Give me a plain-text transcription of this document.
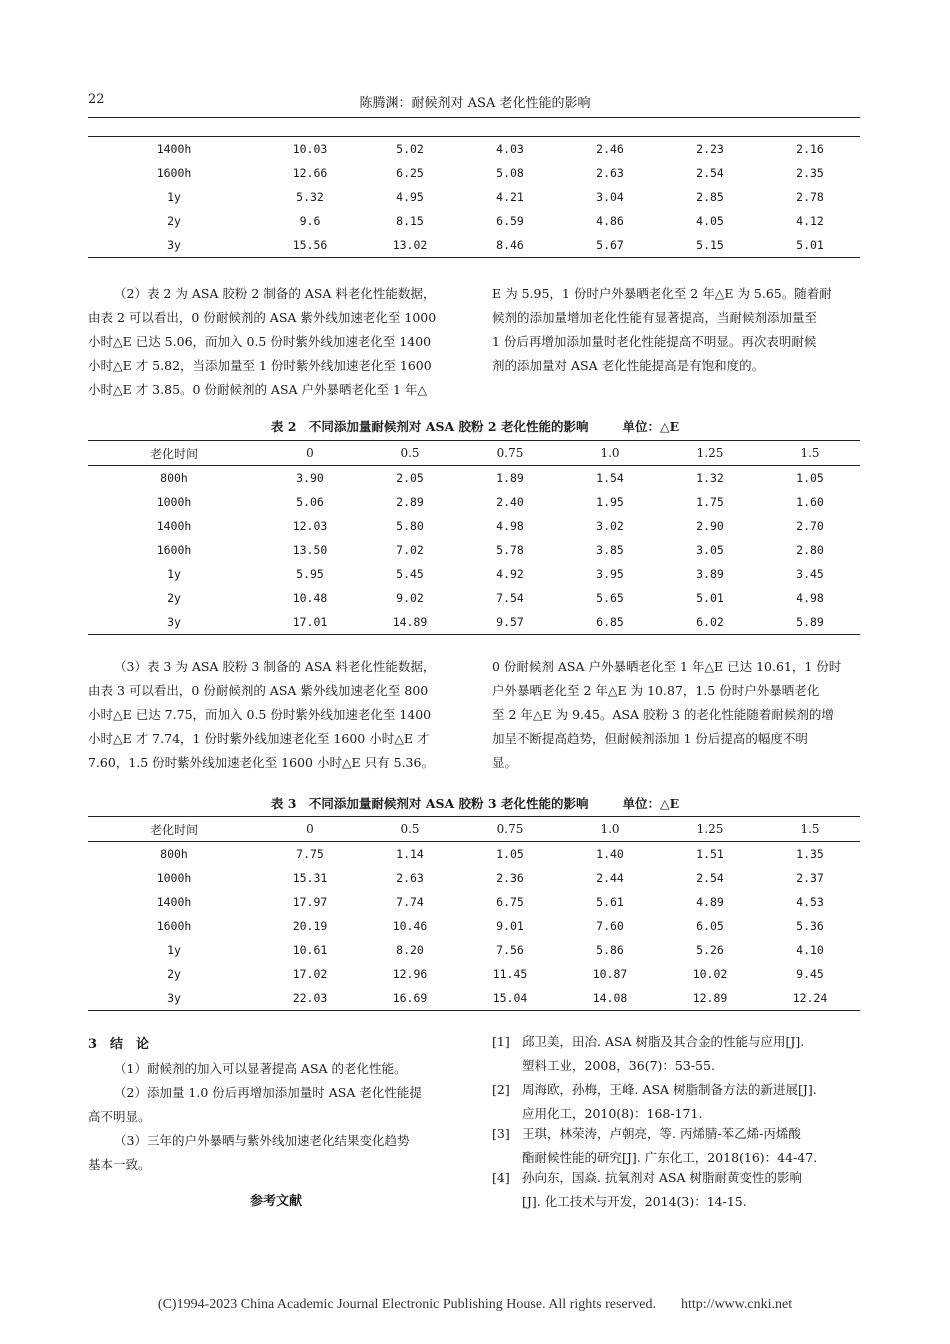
22	陈腾渊：耐候剂对 ASA 老化性能的影响
1400h	10.03	5.02	4.03	2.46	2.23	2.16
1600h	12.66	6.25	5.08	2.63	2.54	2.35
1y	5.32	4.95	4.21	3.04	2.85	2.78
2y	9.6	8.15	6.59	4.86	4.05	4.12
3y	15.56	13.02	8.46	5.67	5.15	5.01
（2）表 2 为 ASA 胶粉 2 制备的 ASA 料老化性能数据，
由表 2 可以看出，0 份耐候剂的 ASA 紫外线加速老化至 1000
小时△E 已达 5.06，而加入 0.5 份时紫外线加速老化至 1400
小时△E 才 5.82，当添加量至 1 份时紫外线加速老化至 1600
小时△E 才 3.85。0 份耐候剂的 ASA 户外暴晒老化至 1 年△
E 为 5.95，1 份时户外暴晒老化至 2 年△E 为 5.65。随着耐
候剂的添加量增加老化性能有显著提高，当耐候剂添加量至
1 份后再增加添加量时老化性能提高不明显。再次表明耐候
剂的添加量对 ASA 老化性能提高是有饱和度的。
表 2　不同添加量耐候剂对 ASA 胶粉 2 老化性能的影响	单位：△E
老化时间	0	0.5	0.75	1.0	1.25	1.5
800h	3.90	2.05	1.89	1.54	1.32	1.05
1000h	5.06	2.89	2.40	1.95	1.75	1.60
1400h	12.03	5.80	4.98	3.02	2.90	2.70
1600h	13.50	7.02	5.78	3.85	3.05	2.80
1y	5.95	5.45	4.92	3.95	3.89	3.45
2y	10.48	9.02	7.54	5.65	5.01	4.98
3y	17.01	14.89	9.57	6.85	6.02	5.89
（3）表 3 为 ASA 胶粉 3 制备的 ASA 料老化性能数据，
由表 3 可以看出，0 份耐候剂的 ASA 紫外线加速老化至 800
小时△E 已达 7.75，而加入 0.5 份时紫外线加速老化至 1400
小时△E 才 7.74，1 份时紫外线加速老化至 1600 小时△E 才
7.60，1.5 份时紫外线加速老化至 1600 小时△E 只有 5.36。
0 份耐候剂 ASA 户外暴晒老化至 1 年△E 已达 10.61，1 份时
户外暴晒老化至 2 年△E 为 10.87，1.5 份时户外暴晒老化
至 2 年△E 为 9.45。ASA 胶粉 3 的老化性能随着耐候剂的增
加呈不断提高趋势，但耐候剂添加 1 份后提高的幅度不明
显。
表 3　不同添加量耐候剂对 ASA 胶粉 3 老化性能的影响	单位：△E
老化时间	0	0.5	0.75	1.0	1.25	1.5
800h	7.75	1.14	1.05	1.40	1.51	1.35
1000h	15.31	2.63	2.36	2.44	2.54	2.37
1400h	17.97	7.74	6.75	5.61	4.89	4.53
1600h	20.19	10.46	9.01	7.60	6.05	5.36
1y	10.61	8.20	7.56	5.86	5.26	4.10
2y	17.02	12.96	11.45	10.87	10.02	9.45
3y	22.03	16.69	15.04	14.08	12.89	12.24
3　结　论
（1）耐候剂的加入可以显著提高 ASA 的老化性能。
（2）添加量 1.0 份后再增加添加量时 ASA 老化性能提
高不明显。
（3）三年的户外暴晒与紫外线加速老化结果变化趋势
基本一致。
参考文献
[1] 邱卫美，田冶. ASA 树脂及其合金的性能与应用[J].
塑料工业，2008，36(7)：53-55.
[2] 周海欧，孙梅，王峰. ASA 树脂制备方法的新进展[J].
应用化工，2010(8)：168-171.
[3] 王琪，林荣涛，卢朝亮，等. 丙烯腈-苯乙烯-丙烯酸
酯耐候性能的研究[J]. 广东化工，2018(16)：44-47.
[4] 孙向东，国焱. 抗氧剂对 ASA 树脂耐黄变性的影响
[J]. 化工技术与开发，2014(3)：14-15.
(C)1994-2023 China Academic Journal Electronic Publishing House. All rights reserved. http://www.cnki.net
